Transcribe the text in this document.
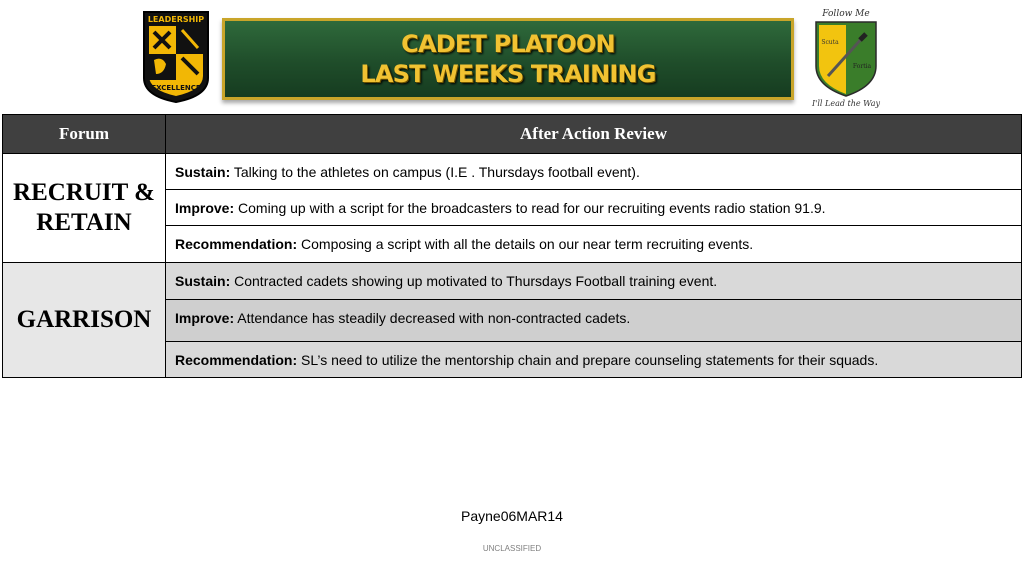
LEADERSHIP
EXCELLENCE
CADET PLATOON
LAST WEEKS TRAINING
Follow Me
Scuta
Fortia
I'll Lead the Way
Forum	After Action Review
RECRUIT & RETAIN	Sustain: Talking to the athletes on campus (I.E . Thursdays football event).
	Improve: Coming up with a script for the broadcasters to read for our recruiting events radio station 91.9.
	Recommendation: Composing a script with all the details on our near term recruiting events.
GARRISON	Sustain: Contracted cadets showing up motivated to Thursdays Football training event.
	Improve: Attendance has steadily decreased with non-contracted cadets.
	Recommendation: SL’s need to utilize the mentorship chain and prepare counseling statements for their squads.
Payne06MAR14
UNCLASSIFIED
